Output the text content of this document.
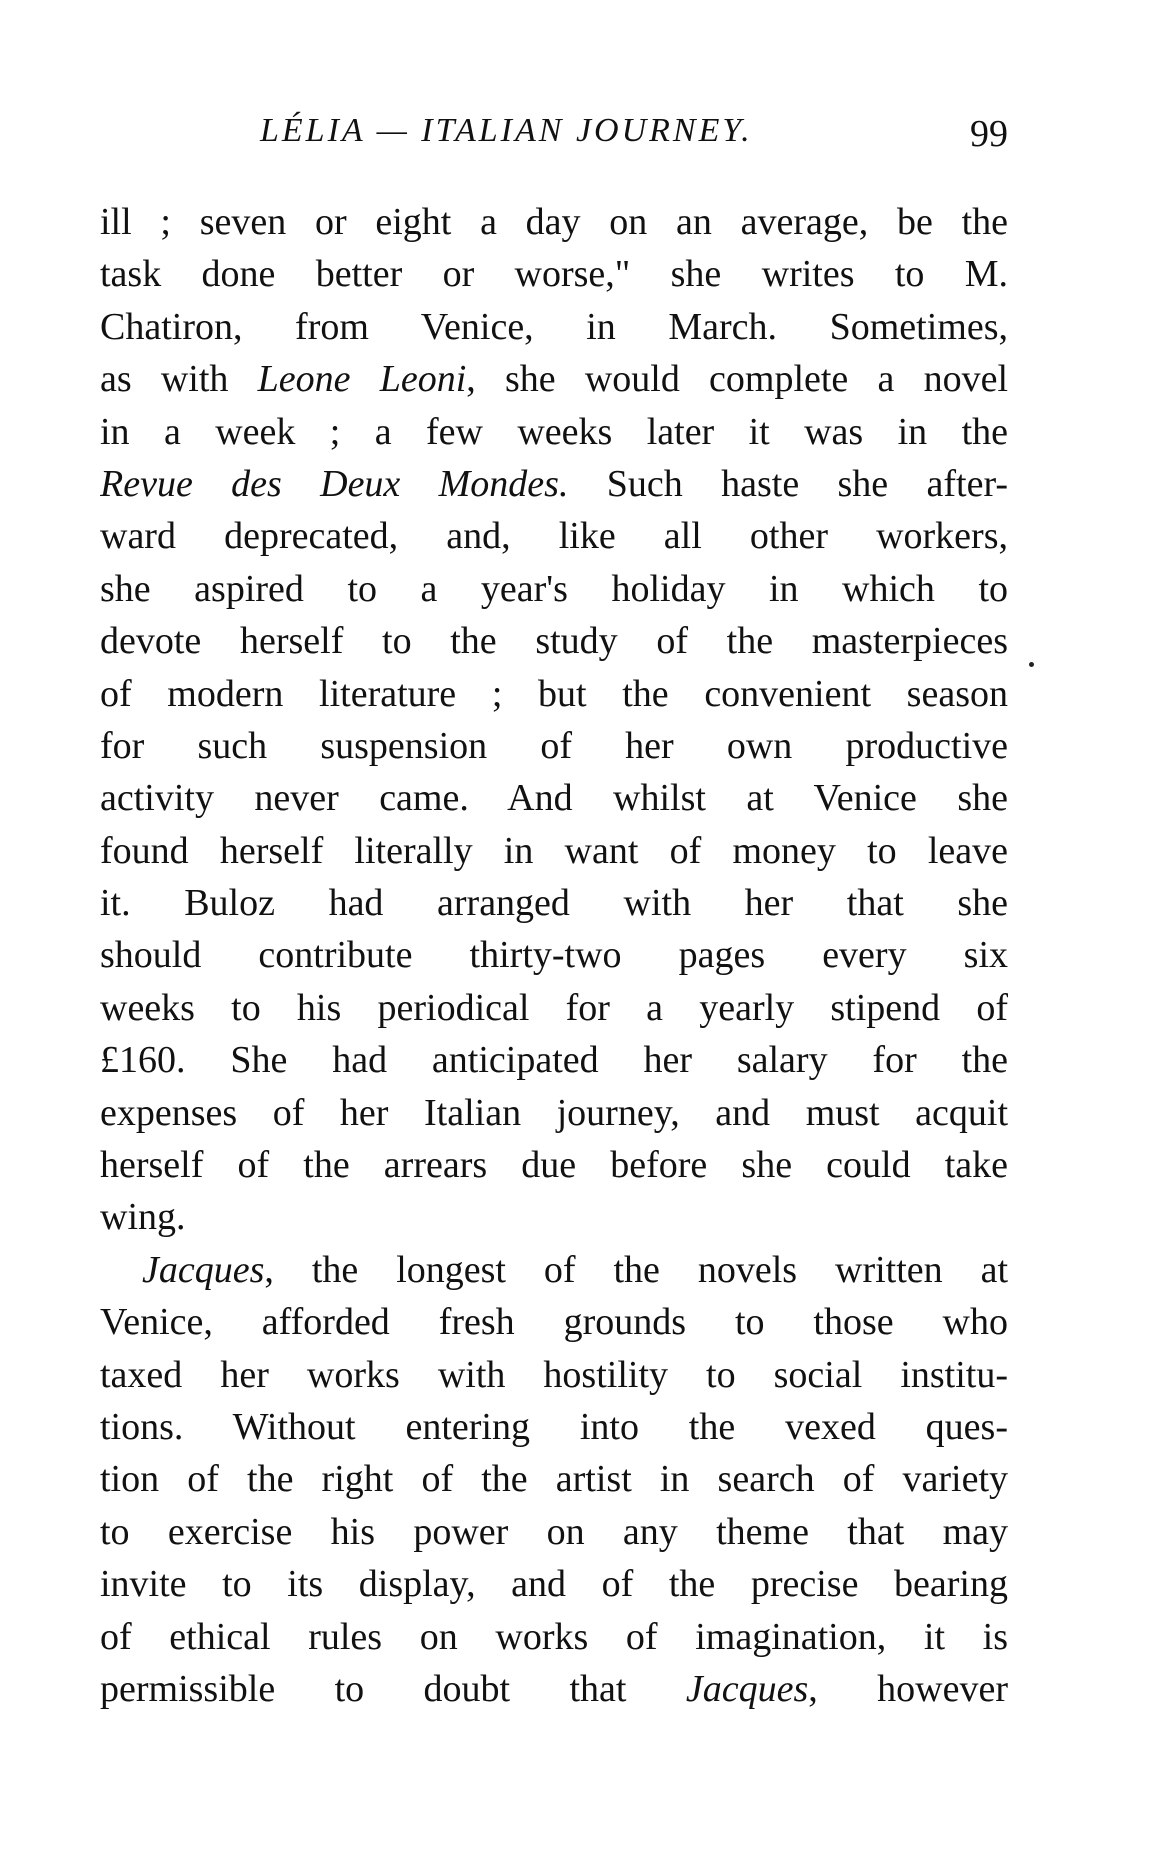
LÉLIA — ITALIAN JOURNEY.	99
ill ; seven or eight a day on an average, be the
task done better or worse," she writes to M.
Chatiron, from Venice, in March. Sometimes,
as with Leone Leoni, she would complete a novel
in a week ; a few weeks later it was in the
Revue des Deux Mondes. Such haste she after-
ward deprecated, and, like all other workers,
she aspired to a year's holiday in which to
devote herself to the study of the masterpieces
of modern literature ; but the convenient season
for such suspension of her own productive
activity never came. And whilst at Venice she
found herself literally in want of money to leave
it. Buloz had arranged with her that she
should contribute thirty-two pages every six
weeks to his periodical for a yearly stipend of
£160. She had anticipated her salary for the
expenses of her Italian journey, and must acquit
herself of the arrears due before she could take
wing.
Jacques, the longest of the novels written at
Venice, afforded fresh grounds to those who
taxed her works with hostility to social institu-
tions. Without entering into the vexed ques-
tion of the right of the artist in search of variety
to exercise his power on any theme that may
invite to its display, and of the precise bearing
of ethical rules on works of imagination, it is
permissible to doubt that Jacques, however
